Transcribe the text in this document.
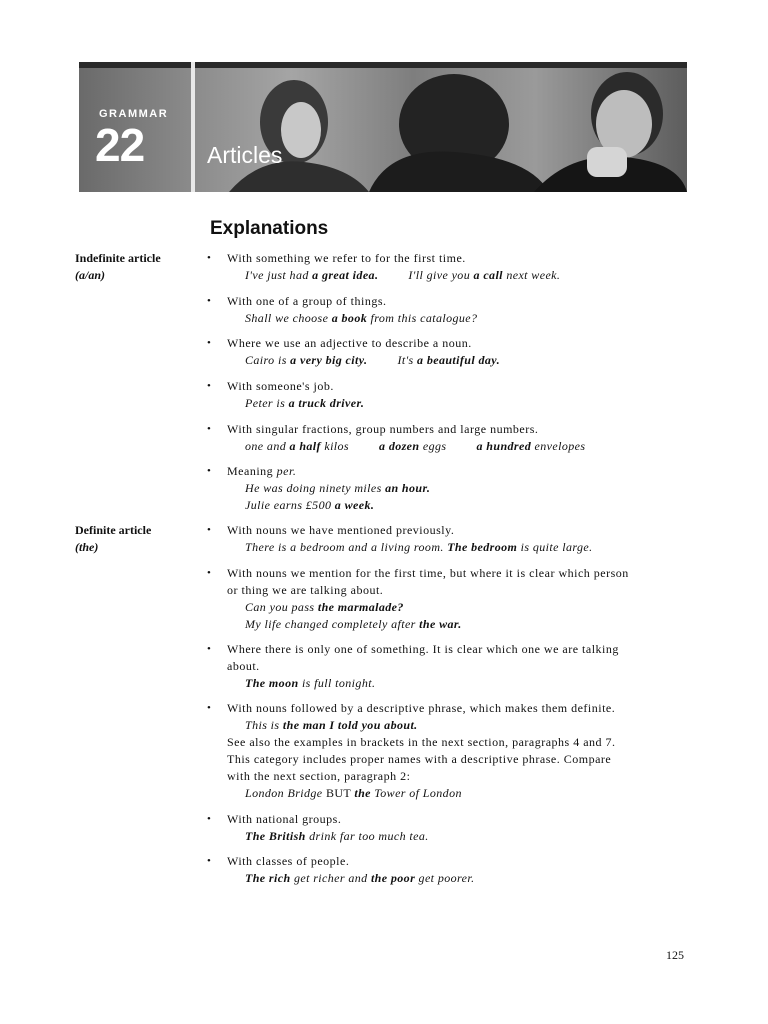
GRAMMAR
22	Articles
Explanations
Indefinite article
(a/an)
Definite article
(the)
• With something we refer to for the first time.
I've just had a great idea.	I'll give you a call next week.
• With one of a group of things.
Shall we choose a book from this catalogue?
• Where we use an adjective to describe a noun.
Cairo is a very big city.	It's a beautiful day.
• With someone's job.
Peter is a truck driver.
• With singular fractions, group numbers and large numbers.
one and a half kilos	a dozen eggs	a hundred envelopes
• Meaning per.
He was doing ninety miles an hour.
Julie earns £500 a week.
• With nouns we have mentioned previously.
There is a bedroom and a living room. The bedroom is quite large.
• With nouns we mention for the first time, but where it is clear which person
or thing we are talking about.
Can you pass the marmalade?
My life changed completely after the war.
• Where there is only one of something. It is clear which one we are talking
about.
The moon is full tonight.
• With nouns followed by a descriptive phrase, which makes them definite.
This is the man I told you about.
See also the examples in brackets in the next section, paragraphs 4 and 7.
This category includes proper names with a descriptive phrase. Compare
with the next section, paragraph 2:
London Bridge BUT the Tower of London
• With national groups.
The British drink far too much tea.
• With classes of people.
The rich get richer and the poor get poorer.
125
